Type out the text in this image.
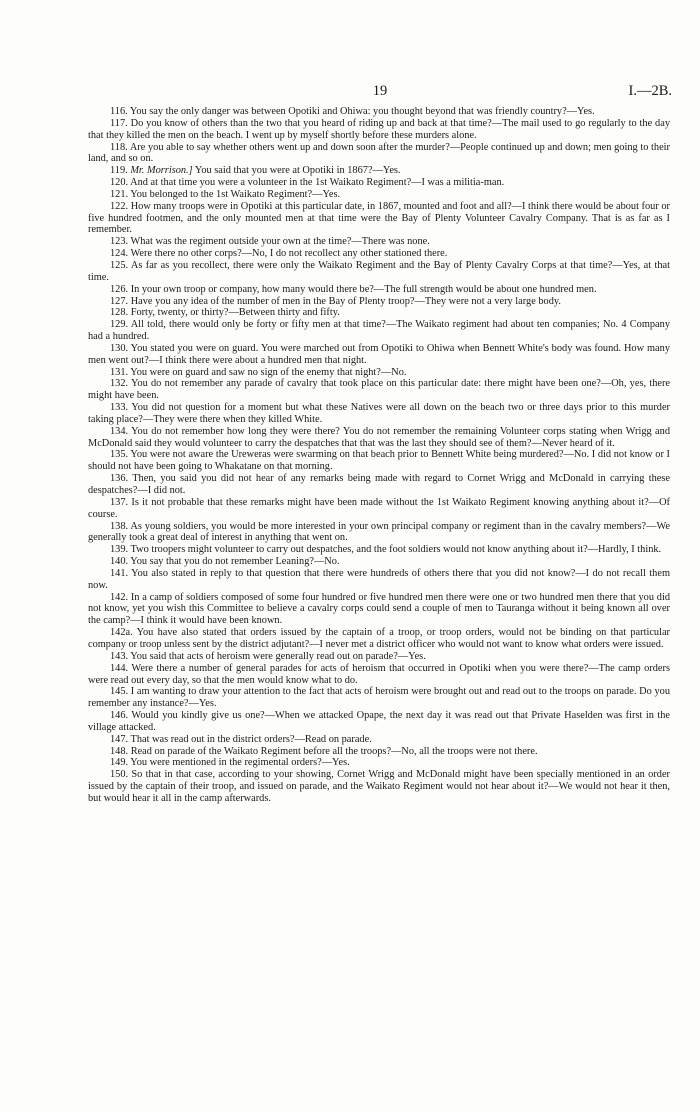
19	I.—2B.

116. You say the only danger was between Opotiki and Ohiwa: you thought beyond that was friendly country?—Yes.

117. Do you know of others than the two that you heard of riding up and back at that time?—The mail used to go regularly to the day that they killed the men on the beach. I went up by myself shortly before these murders alone.

118. Are you able to say whether others went up and down soon after the murder?—People continued up and down; men going to their land, and so on.

119. Mr. Morrison.] You said that you were at Opotiki in 1867?—Yes.

120. And at that time you were a volunteer in the 1st Waikato Regiment?—I was a militia-man.

121. You belonged to the 1st Waikato Regiment?—Yes.

122. How many troops were in Opotiki at this particular date, in 1867, mounted and foot and all?—I think there would be about four or five hundred footmen, and the only mounted men at that time were the Bay of Plenty Volunteer Cavalry Company. That is as far as I remember.

123. What was the regiment outside your own at the time?—There was none.

124. Were there no other corps?—No, I do not recollect any other stationed there.

125. As far as you recollect, there were only the Waikato Regiment and the Bay of Plenty Cavalry Corps at that time?—Yes, at that time.

126. In your own troop or company, how many would there be?—The full strength would be about one hundred men.

127. Have you any idea of the number of men in the Bay of Plenty troop?—They were not a very large body.

128. Forty, twenty, or thirty?—Between thirty and fifty.

129. All told, there would only be forty or fifty men at that time?—The Waikato regiment had about ten companies; No. 4 Company had a hundred.

130. You stated you were on guard. You were marched out from Opotiki to Ohiwa when Bennett White's body was found. How many men went out?—I think there were about a hundred men that night.

131. You were on guard and saw no sign of the enemy that night?—No.

132. You do not remember any parade of cavalry that took place on this particular date: there might have been one?—Oh, yes, there might have been.

133. You did not question for a moment but what these Natives were all down on the beach two or three days prior to this murder taking place?—They were there when they killed White.

134. You do not remember how long they were there? You do not remember the remaining Volunteer corps stating when Wrigg and McDonald said they would volunteer to carry the despatches that that was the last they should see of them?—Never heard of it.

135. You were not aware the Ureweras were swarming on that beach prior to Bennett White being murdered?—No. I did not know or I should not have been going to Whakatane on that morning.

136. Then, you said you did not hear of any remarks being made with regard to Cornet Wrigg and McDonald in carrying these despatches?—I did not.

137. Is it not probable that these remarks might have been made without the 1st Waikato Regiment knowing anything about it?—Of course.

138. As young soldiers, you would be more interested in your own principal company or regiment than in the cavalry members?—We generally took a great deal of interest in anything that went on.

139. Two troopers might volunteer to carry out despatches, and the foot soldiers would not know anything about it?—Hardly, I think.

140. You say that you do not remember Leaning?—No.

141. You also stated in reply to that question that there were hundreds of others there that you did not know?—I do not recall them now.

142. In a camp of soldiers composed of some four hundred or five hundred men there were one or two hundred men there that you did not know, yet you wish this Committee to believe a cavalry corps could send a couple of men to Tauranga without it being known all over the camp?—I think it would have been known.

142a. You have also stated that orders issued by the captain of a troop, or troop orders, would not be binding on that particular company or troop unless sent by the district adjutant?—I never met a district officer who would not want to know what orders were issued.

143. You said that acts of heroism were generally read out on parade?—Yes.

144. Were there a number of general parades for acts of heroism that occurred in Opotiki when you were there?—The camp orders were read out every day, so that the men would know what to do.

145. I am wanting to draw your attention to the fact that acts of heroism were brought out and read out to the troops on parade. Do you remember any instance?—Yes.

146. Would you kindly give us one?—When we attacked Opape, the next day it was read out that Private Haselden was first in the village attacked.

147. That was read out in the district orders?—Read on parade.

148. Read on parade of the Waikato Regiment before all the troops?—No, all the troops were not there.

149. You were mentioned in the regimental orders?—Yes.

150. So that in that case, according to your showing, Cornet Wrigg and McDonald might have been specially mentioned in an order issued by the captain of their troop, and issued on parade, and the Waikato Regiment would not hear about it?—We would not hear it then, but would hear it all in the camp afterwards.
